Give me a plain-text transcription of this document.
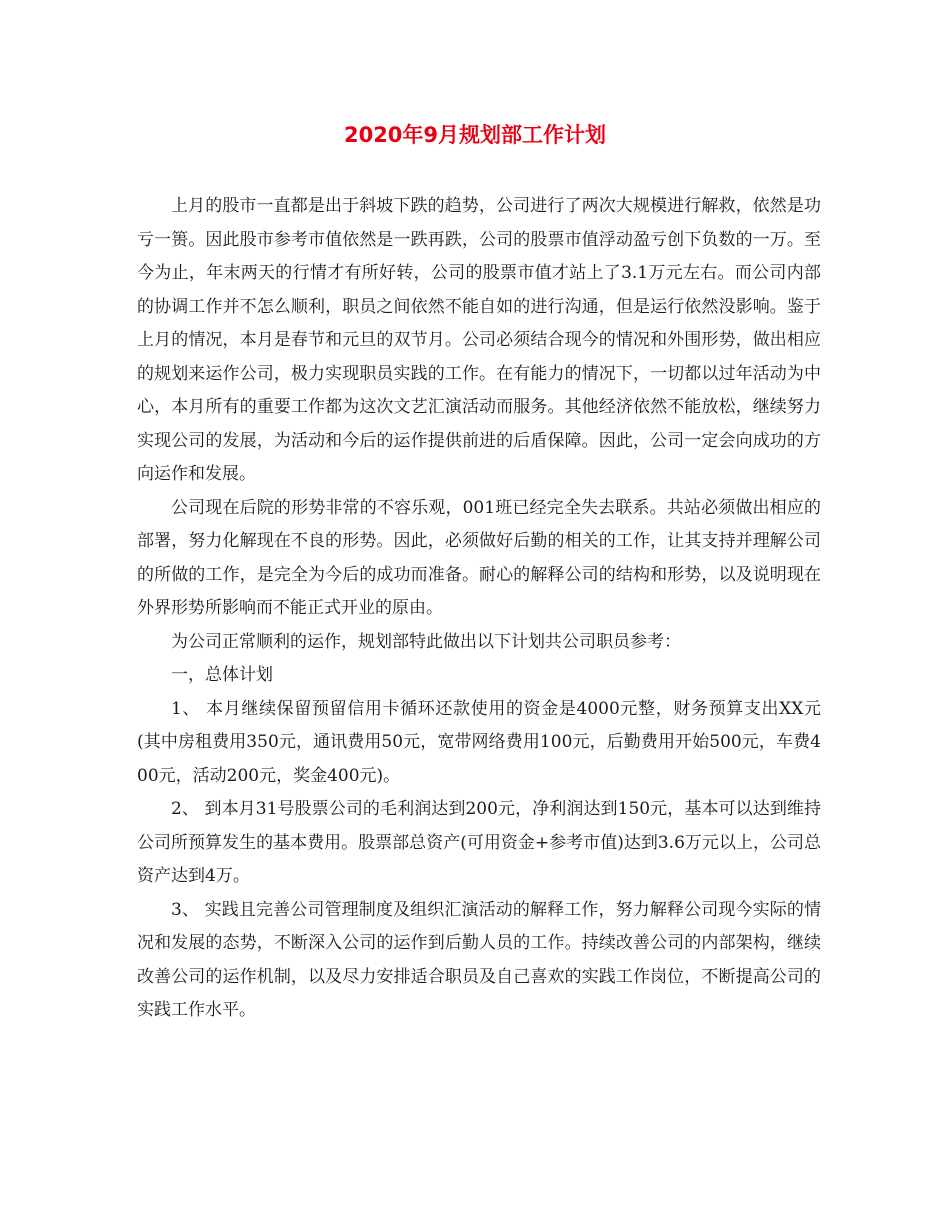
2020年9月规划部工作计划

上月的股市一直都是出于斜坡下跌的趋势，公司进行了两次大规模进行解救，依然是功亏一篑。因此股市参考市值依然是一跌再跌，公司的股票市值浮动盈亏创下负数的一万。至今为止，年末两天的行情才有所好转，公司的股票市值才站上了3.1万元左右。而公司内部的协调工作并不怎么顺利，职员之间依然不能自如的进行沟通，但是运行依然没影响。鉴于上月的情况，本月是春节和元旦的双节月。公司必须结合现今的情况和外围形势，做出相应的规划来运作公司，极力实现职员实践的工作。在有能力的情况下，一切都以过年活动为中心，本月所有的重要工作都为这次文艺汇演活动而服务。其他经济依然不能放松，继续努力实现公司的发展，为活动和今后的运作提供前进的后盾保障。因此，公司一定会向成功的方向运作和发展。

公司现在后院的形势非常的不容乐观，001班已经完全失去联系。共站必须做出相应的部署，努力化解现在不良的形势。因此，必须做好后勤的相关的工作，让其支持并理解公司的所做的工作，是完全为今后的成功而准备。耐心的解释公司的结构和形势，以及说明现在外界形势所影响而不能正式开业的原由。

为公司正常顺利的运作，规划部特此做出以下计划共公司职员参考：

一，总体计划

1、 本月继续保留预留信用卡循环还款使用的资金是4000元整，财务预算支出XX元(其中房租费用350元，通讯费用50元，宽带网络费用100元，后勤费用开始500元，车费400元，活动200元，奖金400元)。

2、 到本月31号股票公司的毛利润达到200元，净利润达到150元，基本可以达到维持公司所预算发生的基本费用。股票部总资产(可用资金+参考市值)达到3.6万元以上，公司总资产达到4万。

3、 实践且完善公司管理制度及组织汇演活动的解释工作，努力解释公司现今实际的情况和发展的态势，不断深入公司的运作到后勤人员的工作。持续改善公司的内部架构，继续改善公司的运作机制，以及尽力安排适合职员及自己喜欢的实践工作岗位，不断提高公司的实践工作水平。
